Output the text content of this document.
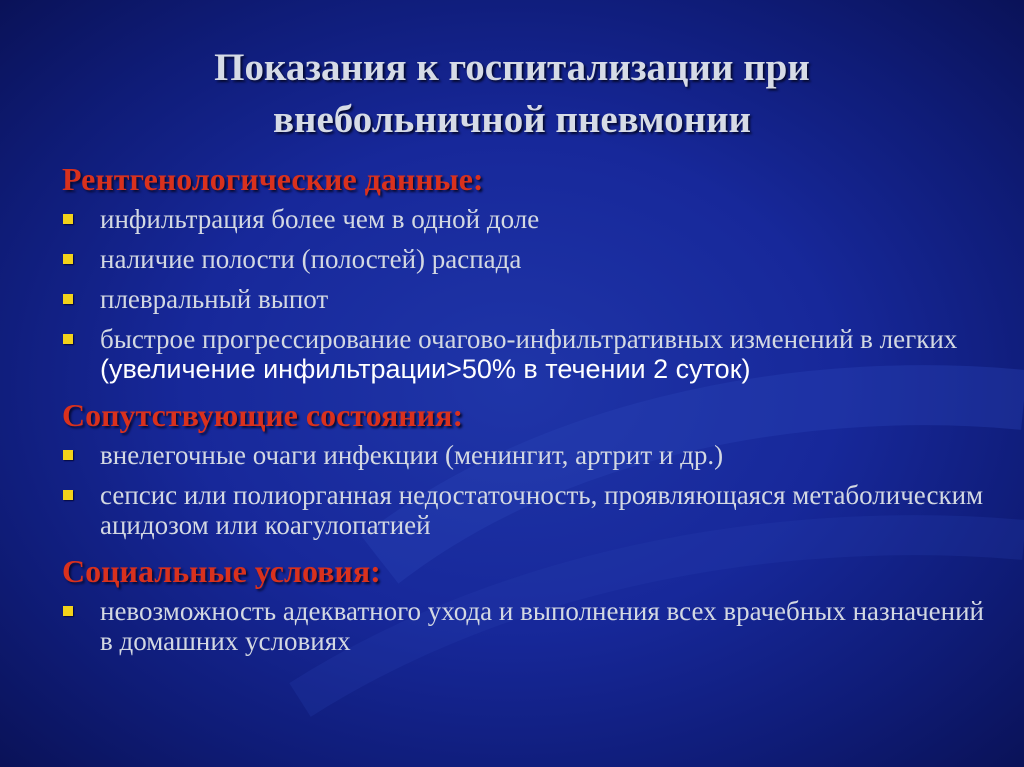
Показания к госпитализации при
внебольничной пневмонии
Рентгенологические данные:
инфильтрация более чем в одной доле
наличие полости (полостей) распада
плевральный выпот
быстрое прогрессирование очагово-инфильтративных изменений в легких (увеличение инфильтрации>50% в течении 2 суток)
Сопутствующие состояния:
внелегочные очаги инфекции (менингит, артрит и др.)
сепсис или полиорганная недостаточность, проявляющаяся метаболическим ацидозом или коагулопатией
Социальные условия:
невозможность адекватного ухода и выполнения всех врачебных назначений в домашних условиях
